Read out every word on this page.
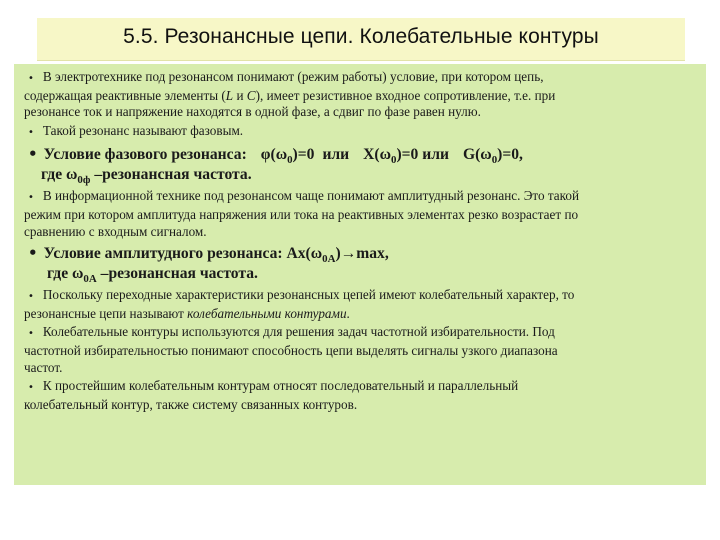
5.5. Резонансные цепи. Колебательные контуры
• В электротехнике под резонансом понимают (режим работы) условие, при котором цепь,
содержащая реактивные элементы (L и C), имеет резистивное входное сопротивление, т.е. при
резонансе ток и напряжение находятся в одной фазе, а сдвиг по фазе равен нулю.
• Такой резонанс называют фазовым.
• Условие фазового резонанса: $\varphi(\omega_0)=0$ или $X(\omega_0)=0$ или $G(\omega_0)=0$,
где $\omega_{0ф}$ –резонансная частота.
• В информационной технике под резонансом чаще понимают амплитудный резонанс. Это такой
режим при котором амплитуда напряжения или тока на реактивных элементах резко возрастает по
сравнению с входным сигналом.
• Условие амплитудного резонанса: $Ax(\omega_{0A})\to\max$,
где $\omega_{0A}$ –резонансная частота.
• Поскольку переходные характеристики резонансных цепей имеют колебательный характер, то
резонансные цепи называют колебательными контурами.
• Колебательные контуры используются для решения задач частотной избирательности. Под
частотной избирательностью понимают способность цепи выделять сигналы узкого диапазона
частот.
• К простейшим колебательным контурам относят последовательный и параллельный
колебательный контур, также систему связанных контуров.
